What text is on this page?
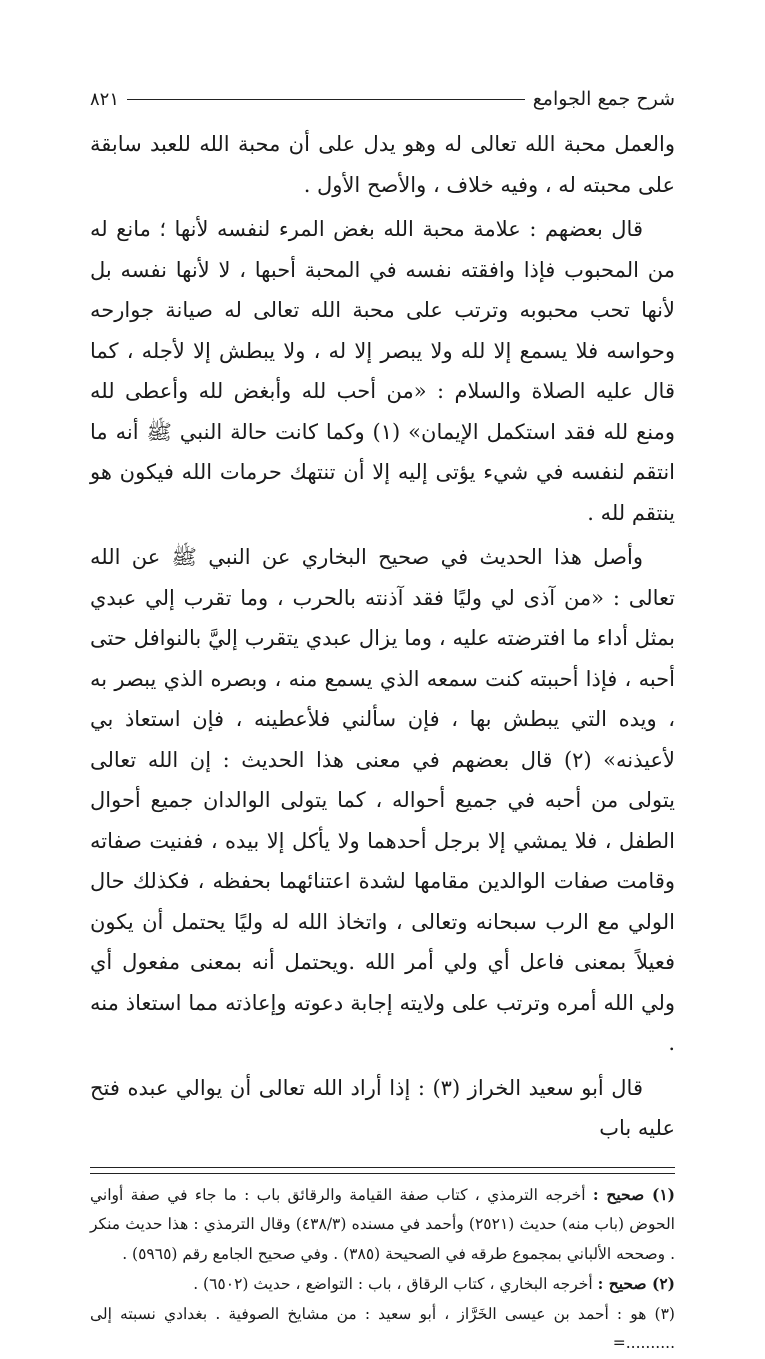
شرح جمع الجوامع
٨٢١

والعمل محبة الله تعالى له وهو يدل على أن محبة الله للعبد سابقة على محبته له ، وفيه خلاف ، والأصح الأول .

قال بعضهم : علامة محبة الله بغض المرء لنفسه لأنها ؛ مانع له من المحبوب فإذا وافقته نفسه في المحبة أحبها ، لا لأنها نفسه بل لأنها تحب محبوبه وترتب على محبة الله تعالى له صيانة جوارحه وحواسه فلا يسمع إلا لله ولا يبصر إلا له ، ولا يبطش إلا لأجله ، كما قال عليه الصلاة والسلام : «من أحب لله وأبغض لله وأعطى لله ومنع لله فقد استكمل الإيمان» (١) وكما كانت حالة النبي ﷺ أنه ما انتقم لنفسه في شيء يؤتى إليه إلا أن تنتهك حرمات الله فيكون هو ينتقم لله .

وأصل هذا الحديث في صحيح البخاري عن النبي ﷺ عن الله تعالى : «من آذى لي وليًا فقد آذنته بالحرب ، وما تقرب إلي عبدي بمثل أداء ما افترضته عليه ، وما يزال عبدي يتقرب إليَّ بالنوافل حتى أحبه ، فإذا أحببته كنت سمعه الذي يسمع منه ، وبصره الذي يبصر به ، ويده التي يبطش بها ، فإن سألني فلأعطينه ، فإن استعاذ بي لأعيذنه» (٢) قال بعضهم في معنى هذا الحديث : إن الله تعالى يتولى من أحبه في جميع أحواله ، كما يتولى الوالدان جميع أحوال الطفل ، فلا يمشي إلا برجل أحدهما ولا يأكل إلا بيده ، ففنيت صفاته وقامت صفات الوالدين مقامها لشدة اعتنائهما بحفظه ، فكذلك حال الولي مع الرب سبحانه وتعالى ، واتخاذ الله له وليًا يحتمل أن يكون فعيلاً بمعنى فاعل أي ولي أمر الله .ويحتمل أنه بمعنى مفعول أي ولي الله أمره وترتب على ولايته إجابة دعوته وإعاذته مما استعاذ منه .

قال أبو سعيد الخراز (٣) : إذا أراد الله تعالى أن يوالي عبده فتح عليه باب

(١) صحيح : أخرجه الترمذي ، كتاب صفة القيامة والرقائق باب : ما جاء في صفة أواني الحوض (باب منه) حديث (٢٥٢١) وأحمد في مسنده (٤٣٨/٣) وقال الترمذي : هذا حديث منكر . وصححه الألباني بمجموع طرقه في الصحيحة (٣٨٥) . وفي صحيح الجامع رقم (٥٩٦٥) .

(٢) صحيح : أخرجه البخاري ، كتاب الرقاق ، باب : التواضع ، حديث (٦٥٠٢) .

(٣) هو : أحمد بن عيسى الخَرَّاز ، أبو سعيد : من مشايخ الصوفية . بغدادي نسبته إلى ..........=
